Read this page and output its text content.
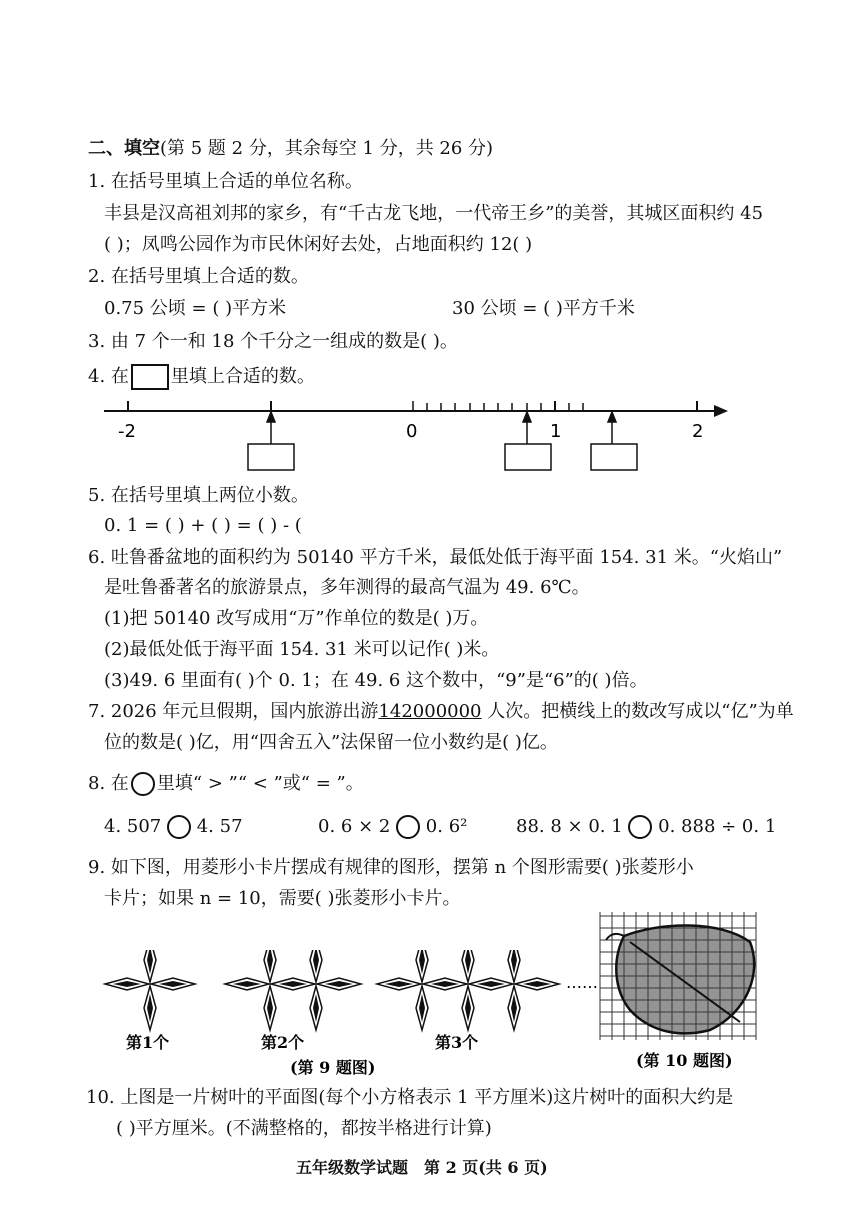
二、填空(第 5 题 2 分，其余每空 1 分，共 26 分)
1. 在括号里填上合适的单位名称。
丰县是汉高祖刘邦的家乡，有“千古龙飞地，一代帝王乡”的美誉，其城区面积约 45
( )；凤鸣公园作为市民休闲好去处，占地面积约 12( )
2. 在括号里填上合适的数。
0.75 公顷 = ( )平方米	30 公顷 = ( )平方千米
3. 由 7 个一和 18 个千分之一组成的数是( )。
4. 在 里填上合适的数。
-2	0	1	2
5. 在括号里填上两位小数。
0. 1 = ( ) + ( ) = ( ) - (
6. 吐鲁番盆地的面积约为 50140 平方千米，最低处低于海平面 154. 31 米。“火焰山”
是吐鲁番著名的旅游景点，多年测得的最高气温为 49. 6℃。
(1)把 50140 改写成用“万”作单位的数是( )万。
(2)最低处低于海平面 154. 31 米可以记作( )米。
(3)49. 6 里面有( )个 0. 1；在 49. 6 这个数中，“9”是“6”的( )倍。
7. 2026 年元旦假期，国内旅游出游142000000 人次。把横线上的数改写成以“亿”为单
位的数是( )亿，用“四舍五入”法保留一位小数约是( )亿。
8. 在 里填“ > ”“ < ”或“ = ”。
4. 507 4. 57	0. 6 × 2 0. 6²	88. 8 × 0. 1 0. 888 ÷ 0. 1
9. 如下图，用菱形小卡片摆成有规律的图形，摆第 n 个图形需要( )张菱形小
卡片；如果 n = 10，需要( )张菱形小卡片。
……
第1个	第2个	第3个
(第 9 题图)	(第 10 题图)
10. 上图是一片树叶的平面图(每个小方格表示 1 平方厘米)这片树叶的面积大约是
( )平方厘米。(不满整格的，都按半格进行计算)
五年级数学试题　第 2 页(共 6 页)
